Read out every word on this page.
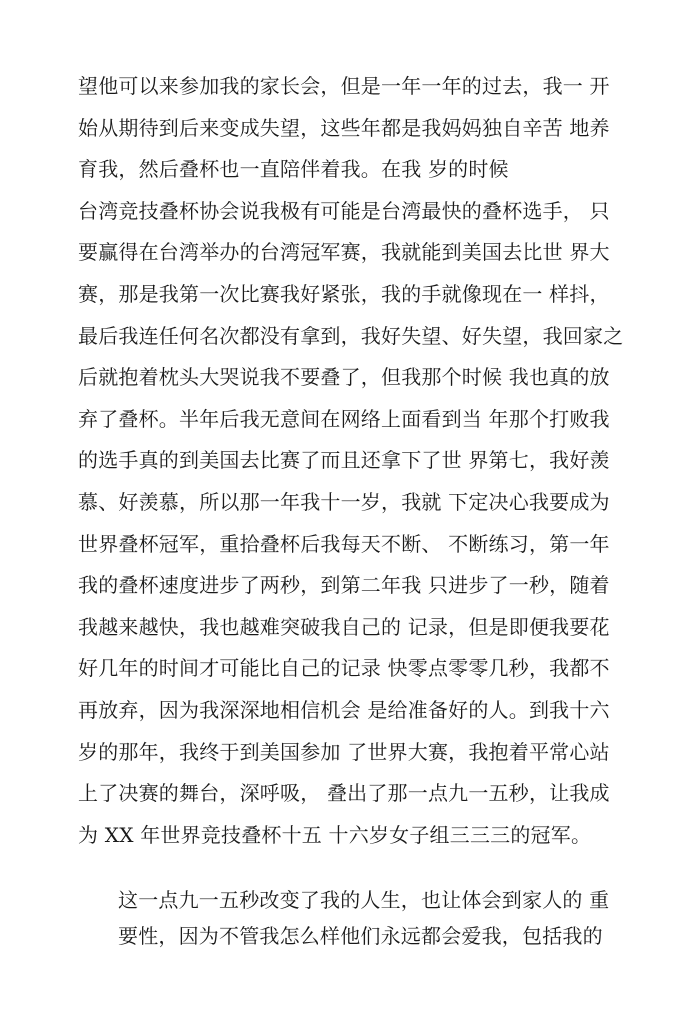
望他可以来参加我的家长会，但是一年一年的过去，我一 开
始从期待到后来变成失望，这些年都是我妈妈独自辛苦 地养
育我，然后叠杯也一直陪伴着我。在我 岁的时候
台湾竞技叠杯协会说我极有可能是台湾最快的叠杯选手， 只
要赢得在台湾举办的台湾冠军赛，我就能到美国去比世 界大
赛，那是我第一次比赛我好紧张，我的手就像现在一 样抖，
最后我连任何名次都没有拿到，我好失望、好失望，我回家之
后就抱着枕头大哭说我不要叠了，但我那个时候 我也真的放
弃了叠杯。半年后我无意间在网络上面看到当 年那个打败我
的选手真的到美国去比赛了而且还拿下了世 界第七，我好羡
慕、好羡慕，所以那一年我十一岁，我就 下定决心我要成为
世界叠杯冠军，重拾叠杯后我每天不断、 不断练习，第一年
我的叠杯速度进步了两秒，到第二年我 只进步了一秒，随着
我越来越快，我也越难突破我自己的 记录，但是即便我要花
好几年的时间才可能比自己的记录 快零点零零几秒，我都不
再放弃，因为我深深地相信机会 是给准备好的人。到我十六
岁的那年，我终于到美国参加 了世界大赛，我抱着平常心站
上了决赛的舞台，深呼吸， 叠出了那一点九一五秒，让我成
为 XX 年世界竞技叠杯十五 十六岁女子组三三三的冠军。
这一点九一五秒改变了我的人生，也让体会到家人的 重
要性，因为不管我怎么样他们永远都会爱我，包括我的
